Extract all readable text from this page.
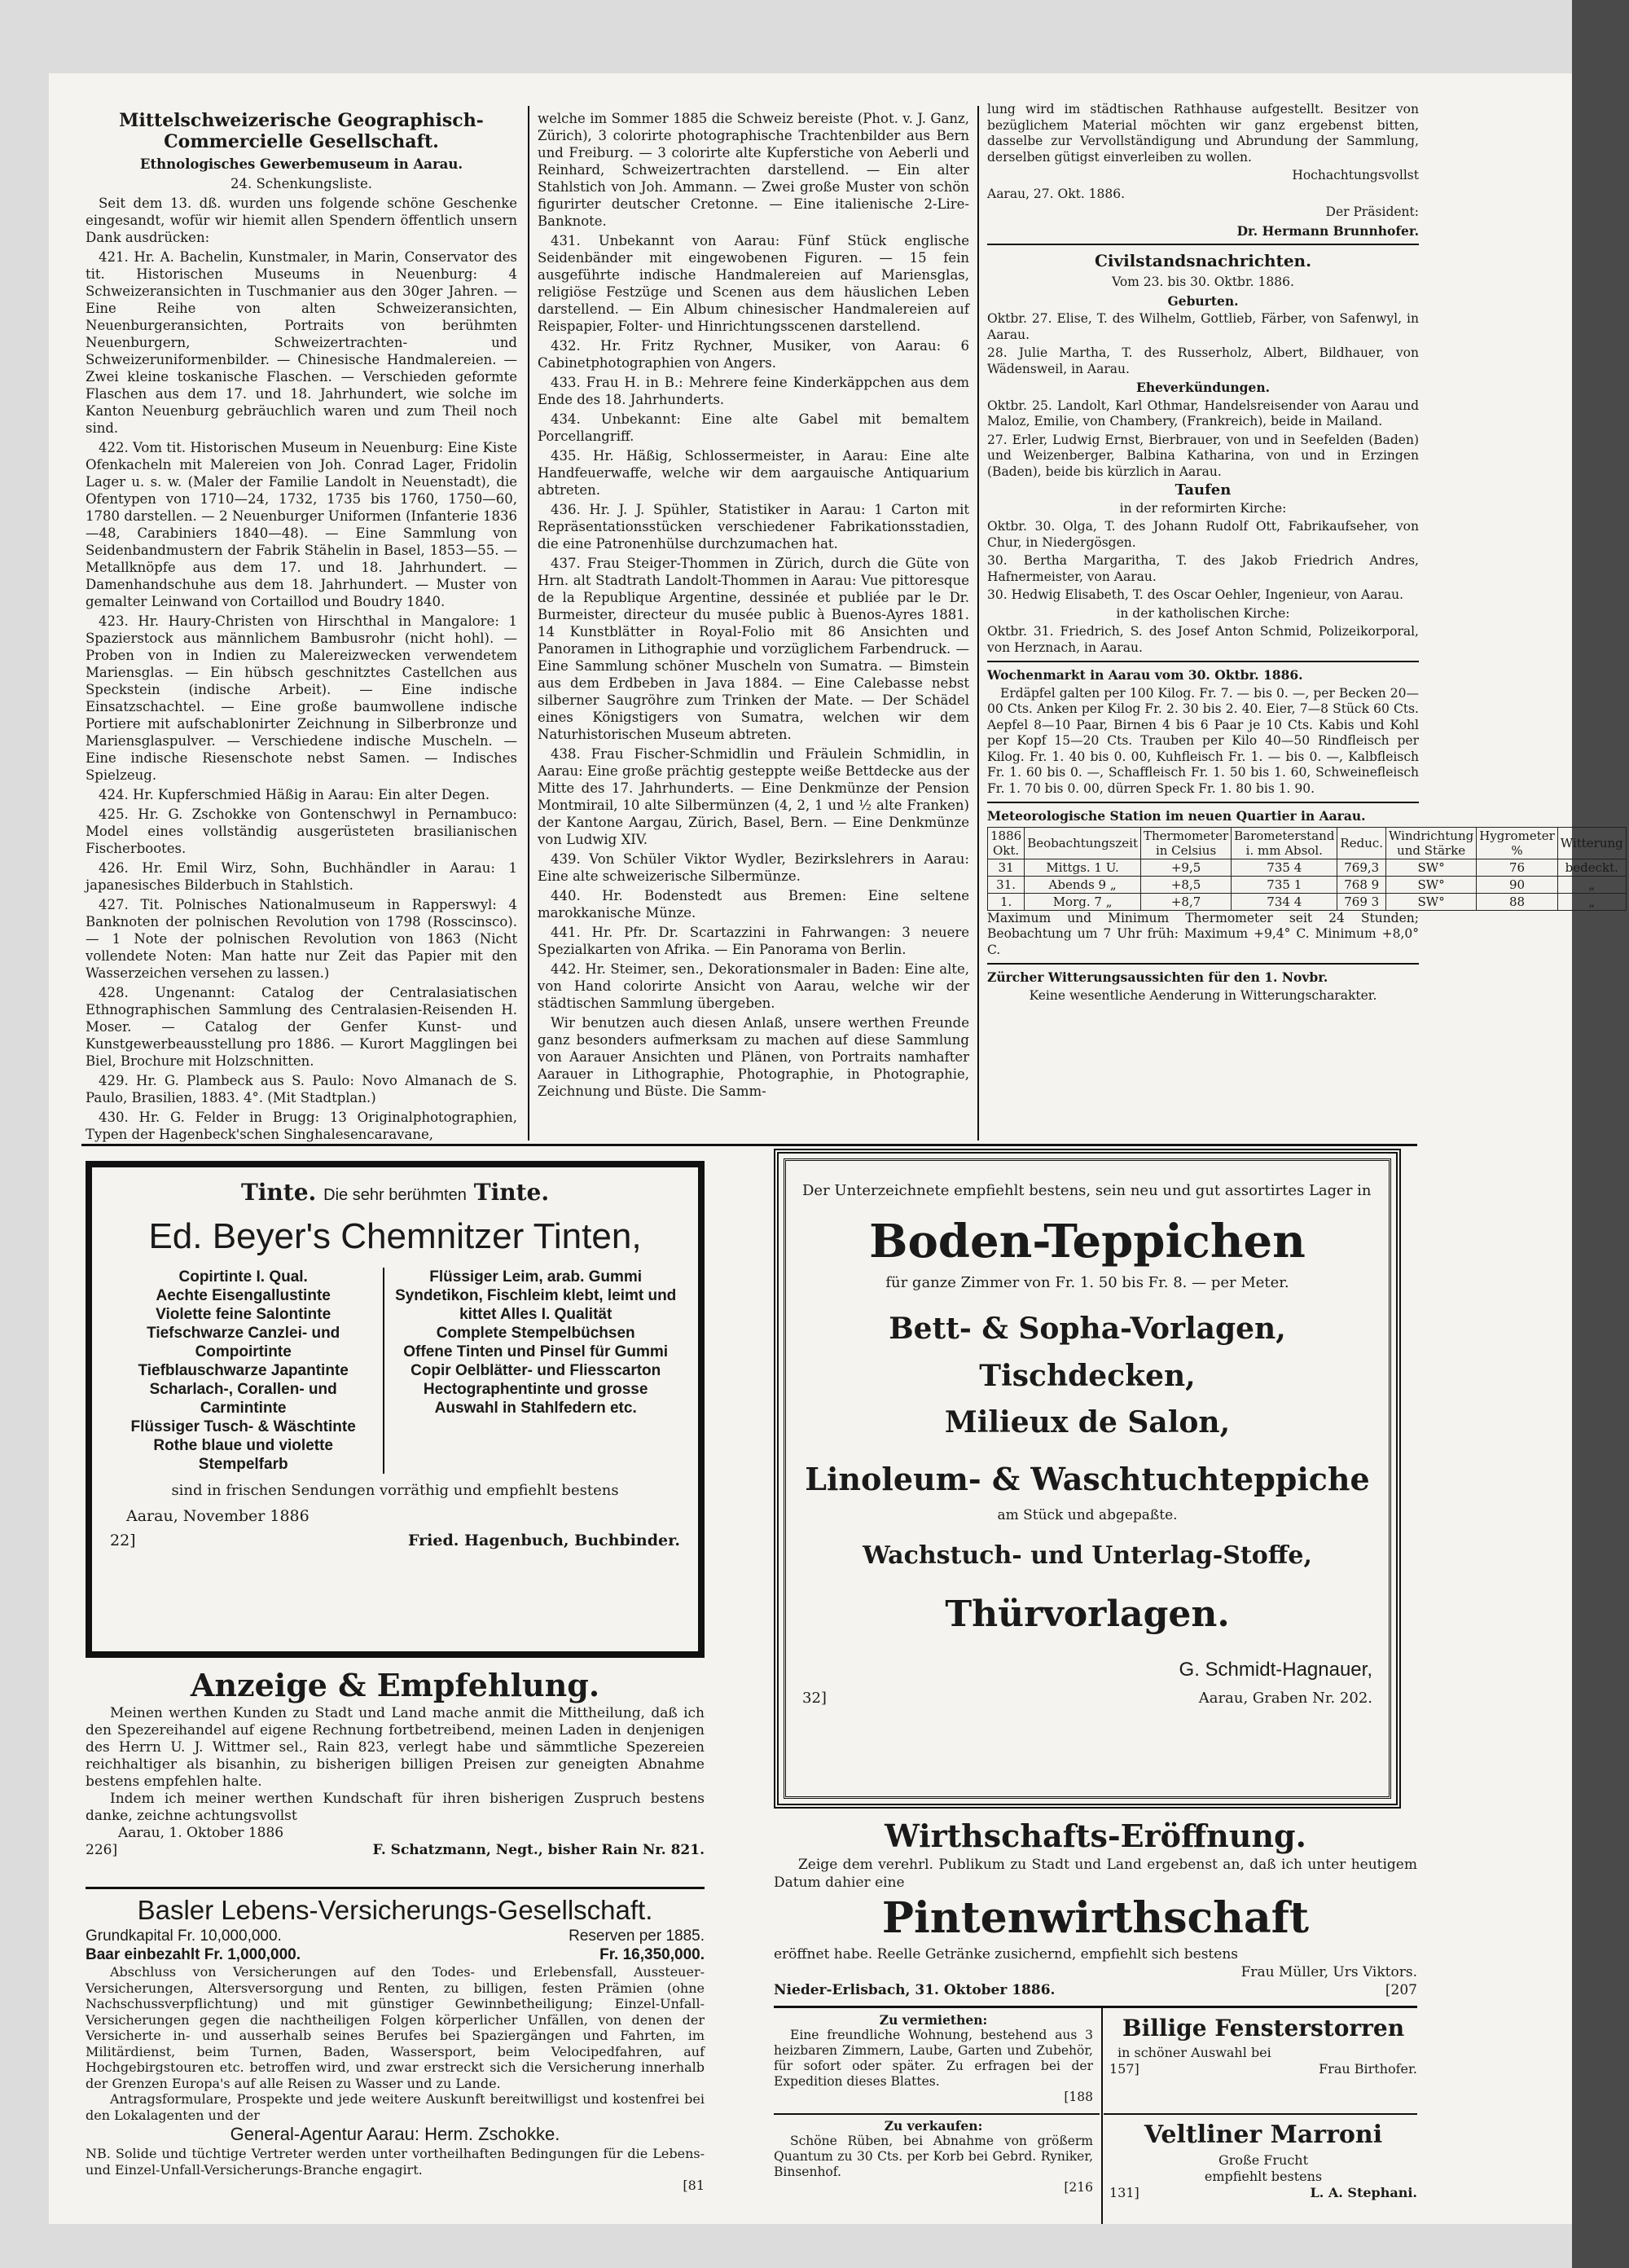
Mittelschweizerische Geographisch-Commercielle Gesellschaft.

Ethnologisches Gewerbemuseum in Aarau.

24. Schenkungsliste.

Seit dem 13. dß. wurden uns folgende schöne Geschenke eingesandt, wofür wir hiemit allen Spendern öffentlich unsern Dank ausdrücken:

421. Hr. A. Bachelin, Kunstmaler, in Marin, Conservator des tit. Historischen Museums in Neuenburg: 4 Schweizeransichten in Tuschmanier aus den 30ger Jahren. — Eine Reihe von alten Schweizeransichten, Neuenburgeransichten, Portraits von berühmten Neuenburgern, Schweizertrachten- und Schweizeruniformenbilder. — Chinesische Handmalereien. — Zwei kleine toskanische Flaschen. — Verschieden geformte Flaschen aus dem 17. und 18. Jahrhundert, wie solche im Kanton Neuenburg gebräuchlich waren und zum Theil noch sind.

422. Vom tit. Historischen Museum in Neuenburg: Eine Kiste Ofenkacheln mit Malereien von Joh. Conrad Lager, Fridolin Lager u. s. w. (Maler der Familie Landolt in Neuenstadt), die Ofentypen von 1710—24, 1732, 1735 bis 1760, 1750—60, 1780 darstellen. — 2 Neuenburger Uniformen (Infanterie 1836—48, Carabiniers 1840—48). — Eine Sammlung von Seidenbandmustern der Fabrik Stähelin in Basel, 1853—55. — Metallknöpfe aus dem 17. und 18. Jahrhundert. — Damenhandschuhe aus dem 18. Jahrhundert. — Muster von gemalter Leinwand von Cortaillod und Boudry 1840.

423. Hr. Haury-Christen von Hirschthal in Mangalore: 1 Spazierstock aus männlichem Bambusrohr (nicht hohl). — Proben von in Indien zu Malereizwecken verwendetem Mariensglas. — Ein hübsch geschnitztes Castellchen aus Speckstein (indische Arbeit). — Eine indische Einsatzschachtel. — Eine große baumwollene indische Portiere mit aufschablonirter Zeichnung in Silberbronze und Mariensglaspulver. — Verschiedene indische Muscheln. — Eine indische Riesenschote nebst Samen. — Indisches Spielzeug.

424. Hr. Kupferschmied Häßig in Aarau: Ein alter Degen.

425. Hr. G. Zschokke von Gontenschwyl in Pernambuco: Model eines vollständig ausgerüsteten brasilianischen Fischerbootes.

426. Hr. Emil Wirz, Sohn, Buchhändler in Aarau: 1 japanesisches Bilderbuch in Stahlstich.

427. Tit. Polnisches Nationalmuseum in Rapperswyl: 4 Banknoten der polnischen Revolution von 1798 (Rosscinsco). — 1 Note der polnischen Revolution von 1863 (Nicht vollendete Noten: Man hatte nur Zeit das Papier mit den Wasserzeichen versehen zu lassen.)

428. Ungenannt: Catalog der Centralasiatischen Ethnographischen Sammlung des Centralasien-Reisenden H. Moser. — Catalog der Genfer Kunst- und Kunstgewerbeausstellung pro 1886. — Kurort Magglingen bei Biel, Brochure mit Holzschnitten.

429. Hr. G. Plambeck aus S. Paulo: Novo Almanach de S. Paulo, Brasilien, 1883. 4°. (Mit Stadtplan.)

430. Hr. G. Felder in Brugg: 13 Originalphotographien, Typen der Hagenbeck'schen Singhalesencaravane,

welche im Sommer 1885 die Schweiz bereiste (Phot. v. J. Ganz, Zürich), 3 colorirte photographische Trachtenbilder aus Bern und Freiburg. — 3 colorirte alte Kupferstiche von Aeberli und Reinhard, Schweizertrachten darstellend. — Ein alter Stahlstich von Joh. Ammann. — Zwei große Muster von schön figurirter deutscher Cretonne. — Eine italienische 2-Lire-Banknote.

431. Unbekannt von Aarau: Fünf Stück englische Seidenbänder mit eingewobenen Figuren. — 15 fein ausgeführte indische Handmalereien auf Mariensglas, religiöse Festzüge und Scenen aus dem häuslichen Leben darstellend. — Ein Album chinesischer Handmalereien auf Reispapier, Folter- und Hinrichtungsscenen darstellend.

432. Hr. Fritz Rychner, Musiker, von Aarau: 6 Cabinetphotographien von Angers.

433. Frau H. in B.: Mehrere feine Kinderkäppchen aus dem Ende des 18. Jahrhunderts.

434. Unbekannt: Eine alte Gabel mit bemaltem Porcellangriff.

435. Hr. Häßig, Schlossermeister, in Aarau: Eine alte Handfeuerwaffe, welche wir dem aargauische Antiquarium abtreten.

436. Hr. J. J. Spühler, Statistiker in Aarau: 1 Carton mit Repräsentationsstücken verschiedener Fabrikationsstadien, die eine Patronenhülse durchzumachen hat.

437. Frau Steiger-Thommen in Zürich, durch die Güte von Hrn. alt Stadtrath Landolt-Thommen in Aarau: Vue pittoresque de la Republique Argentine, dessinée et publiée par le Dr. Burmeister, directeur du musée public à Buenos-Ayres 1881. 14 Kunstblätter in Royal-Folio mit 86 Ansichten und Panoramen in Lithographie und vorzüglichem Farbendruck. — Eine Sammlung schöner Muscheln von Sumatra. — Bimstein aus dem Erdbeben in Java 1884. — Eine Calebasse nebst silberner Saugröhre zum Trinken der Mate. — Der Schädel eines Königstigers von Sumatra, welchen wir dem Naturhistorischen Museum abtreten.

438. Frau Fischer-Schmidlin und Fräulein Schmidlin, in Aarau: Eine große prächtig gesteppte weiße Bettdecke aus der Mitte des 17. Jahrhunderts. — Eine Denkmünze der Pension Montmirail, 10 alte Silbermünzen (4, 2, 1 und ½ alte Franken) der Kantone Aargau, Zürich, Basel, Bern. — Eine Denkmünze von Ludwig XIV.

439. Von Schüler Viktor Wydler, Bezirkslehrers in Aarau: Eine alte schweizerische Silbermünze.

440. Hr. Bodenstedt aus Bremen: Eine seltene marokkanische Münze.

441. Hr. Pfr. Dr. Scartazzini in Fahrwangen: 3 neuere Spezialkarten von Afrika. — Ein Panorama von Berlin.

442. Hr. Steimer, sen., Dekorationsmaler in Baden: Eine alte, von Hand colorirte Ansicht von Aarau, welche wir der städtischen Sammlung übergeben.

Wir benutzen auch diesen Anlaß, unsere werthen Freunde ganz besonders aufmerksam zu machen auf diese Sammlung von Aarauer Ansichten und Plänen, von Portraits namhafter Aarauer in Lithographie, Photographie, in Photographie, Zeichnung und Büste. Die Samm-

lung wird im städtischen Rathhause aufgestellt. Besitzer von bezüglichem Material möchten wir ganz ergebenst bitten, dasselbe zur Vervollständigung und Abrundung der Sammlung, derselben gütigst einverleiben zu wollen.

Hochachtungsvollst

Aarau, 27. Okt. 1886.

Der Präsident:

Dr. Hermann Brunnhofer.

Civilstandsnachrichten.

Vom 23. bis 30. Oktbr. 1886.

Geburten.

Oktbr. 27. Elise, T. des Wilhelm, Gottlieb, Färber, von Safenwyl, in Aarau.

28. Julie Martha, T. des Russerholz, Albert, Bildhauer, von Wädensweil, in Aarau.

Eheverkündungen.

Oktbr. 25. Landolt, Karl Othmar, Handelsreisender von Aarau und Maloz, Emilie, von Chambery, (Frankreich), beide in Mailand.

27. Erler, Ludwig Ernst, Bierbrauer, von und in Seefelden (Baden) und Weizenberger, Balbina Katharina, von und in Erzingen (Baden), beide bis kürzlich in Aarau.

Taufen

in der reformirten Kirche:

Oktbr. 30. Olga, T. des Johann Rudolf Ott, Fabrikaufseher, von Chur, in Niedergösgen.

30. Bertha Margaritha, T. des Jakob Friedrich Andres, Hafnermeister, von Aarau.

30. Hedwig Elisabeth, T. des Oscar Oehler, Ingenieur, von Aarau.

in der katholischen Kirche:

Oktbr. 31. Friedrich, S. des Josef Anton Schmid, Polizeikorporal, von Herznach, in Aarau.

Wochenmarkt in Aarau vom 30. Oktbr. 1886.

Erdäpfel galten per 100 Kilog. Fr. 7. — bis 0. —, per Becken 20—00 Cts. Anken per Kilog Fr. 2. 30 bis 2. 40. Eier, 7—8 Stück 60 Cts. Aepfel 8—10 Paar, Birnen 4 bis 6 Paar je 10 Cts. Kabis und Kohl per Kopf 15—20 Cts. Trauben per Kilo 40—50 Rindfleisch per Kilog. Fr. 1. 40 bis 0. 00, Kuhfleisch Fr. 1. — bis 0. —, Kalbfleisch Fr. 1. 60 bis 0. —, Schaffleisch Fr. 1. 50 bis 1. 60, Schweinefleisch Fr. 1. 70 bis 0. 00, dürren Speck Fr. 1. 80 bis 1. 90.

Meteorologische Station im neuen Quartier in Aarau.

1886 Okt.	Beobachtungszeit	Thermometer in Celsius	Barometerstand i. mm Absol.	Reduc.	Windrichtung und Stärke	Hygrometer %	Witterung
31	Mittgs. 1 U.	+9,5	735 4	769,3	SW°	76	bedeckt.
31.	Abends 9 „	+8,5	735 1	768 9	SW°	90	„
1.	Morg. 7 „	+8,7	734 4	769 3	SW°	88	„

Maximum und Minimum Thermometer seit 24 Stunden; Beobachtung um 7 Uhr früh: Maximum +9,4° C. Minimum +8,0° C.

Zürcher Witterungsaussichten für den 1. Novbr.

Keine wesentliche Aenderung in Witterungscharakter.

Tinte. Die sehr berühmten Tinte.
Ed. Beyer's Chemnitzer Tinten,

Copirtinte I. Qual.

Aechte Eisengallustinte

Violette feine Salontinte

Tiefschwarze Canzlei- und Compoirtinte

Tiefblauschwarze Japantinte

Scharlach-, Corallen- und Carmintinte

Flüssiger Tusch- & Wäschtinte

Rothe blaue und violette Stempelfarb

Flüssiger Leim, arab. Gummi

Syndetikon, Fischleim klebt, leimt und kittet Alles I. Qualität

Complete Stempelbüchsen

Offene Tinten und Pinsel für Gummi

Copir Oelblätter- und Fliesscarton

Hectographentinte und grosse Auswahl in Stahlfedern etc.

sind in frischen Sendungen vorräthig und empfiehlt bestens

Aarau, November 1886

22]	Fried. Hagenbuch, Buchbinder.
Anzeige & Empfehlung.

Meinen werthen Kunden zu Stadt und Land mache anmit die Mittheilung, daß ich den Spezereihandel auf eigene Rechnung fortbetreibend, meinen Laden in denjenigen des Herrn U. J. Wittmer sel., Rain 823, verlegt habe und sämmtliche Spezereien reichhaltiger als bisanhin, zu bisherigen billigen Preisen zur geneigten Abnahme bestens empfehlen halte.

Indem ich meiner werthen Kundschaft für ihren bisherigen Zuspruch bestens danke, zeichne achtungsvollst

Aarau, 1. Oktober 1886

226]	F. Schatzmann, Negt., bisher Rain Nr. 821.
Basler Lebens-Versicherungs-Gesellschaft.
Grundkapital Fr. 10,000,000.	Reserven per 1885.
Baar einbezahlt Fr. 1,000,000.	Fr. 16,350,000.

Abschluss von Versicherungen auf den Todes- und Erlebensfall, Aussteuer-Versicherungen, Altersversorgung und Renten, zu billigen, festen Prämien (ohne Nachschussverpflichtung) und mit günstiger Gewinnbetheiligung; Einzel-Unfall-Versicherungen gegen die nachtheiligen Folgen körperlicher Unfällen, von denen der Versicherte in- und ausserhalb seines Berufes bei Spaziergängen und Fahrten, im Militärdienst, beim Turnen, Baden, Wassersport, beim Velocipedfahren, auf Hochgebirgstouren etc. betroffen wird, und zwar erstreckt sich die Versicherung innerhalb der Grenzen Europa's auf alle Reisen zu Wasser und zu Lande.

Antragsformulare, Prospekte und jede weitere Auskunft bereitwilligst und kostenfrei bei den Lokalagenten und der

General-Agentur Aarau: Herm. Zschokke.

NB. Solide und tüchtige Vertreter werden unter vortheilhaften Bedingungen für die Lebens- und Einzel-Unfall-Versicherungs-Branche engagirt.

[81

Der Unterzeichnete empfiehlt bestens, sein neu und gut assortirtes Lager in

Boden-Teppichen

für ganze Zimmer von Fr. 1. 50 bis Fr. 8. — per Meter.

Bett- & Sopha-Vorlagen, Tischdecken,
Milieux de Salon,
Linoleum- & Waschtuchteppiche

am Stück und abgepaßte.

Wachstuch- und Unterlag-Stoffe,
Thürvorlagen.

G. Schmidt-Hagnauer,

32]	Aarau, Graben Nr. 202.
Wirthschafts-Eröffnung.

Zeige dem verehrl. Publikum zu Stadt und Land ergebenst an, daß ich unter heutigem Datum dahier eine

Pintenwirthschaft

eröffnet habe. Reelle Getränke zusichernd, empfiehlt sich bestens

Frau Müller, Urs Viktors.

Nieder-Erlisbach, 31. Oktober 1886.	[207

Zu vermiethen:

Eine freundliche Wohnung, bestehend aus 3 heizbaren Zimmern, Laube, Garten und Zubehör, für sofort oder später. Zu erfragen bei der Expedition dieses Blattes.

[188

Zu verkaufen:

Schöne Rüben, bei Abnahme von größerm Quantum zu 30 Cts. per Korb bei Gebrd. Ryniker, Binsenhof.

[216

Billige Fensterstorren

in schöner Auswahl bei

157]	Frau Birthofer.
Veltliner Marroni

Große Frucht

empfiehlt bestens

131]	L. A. Stephani.
